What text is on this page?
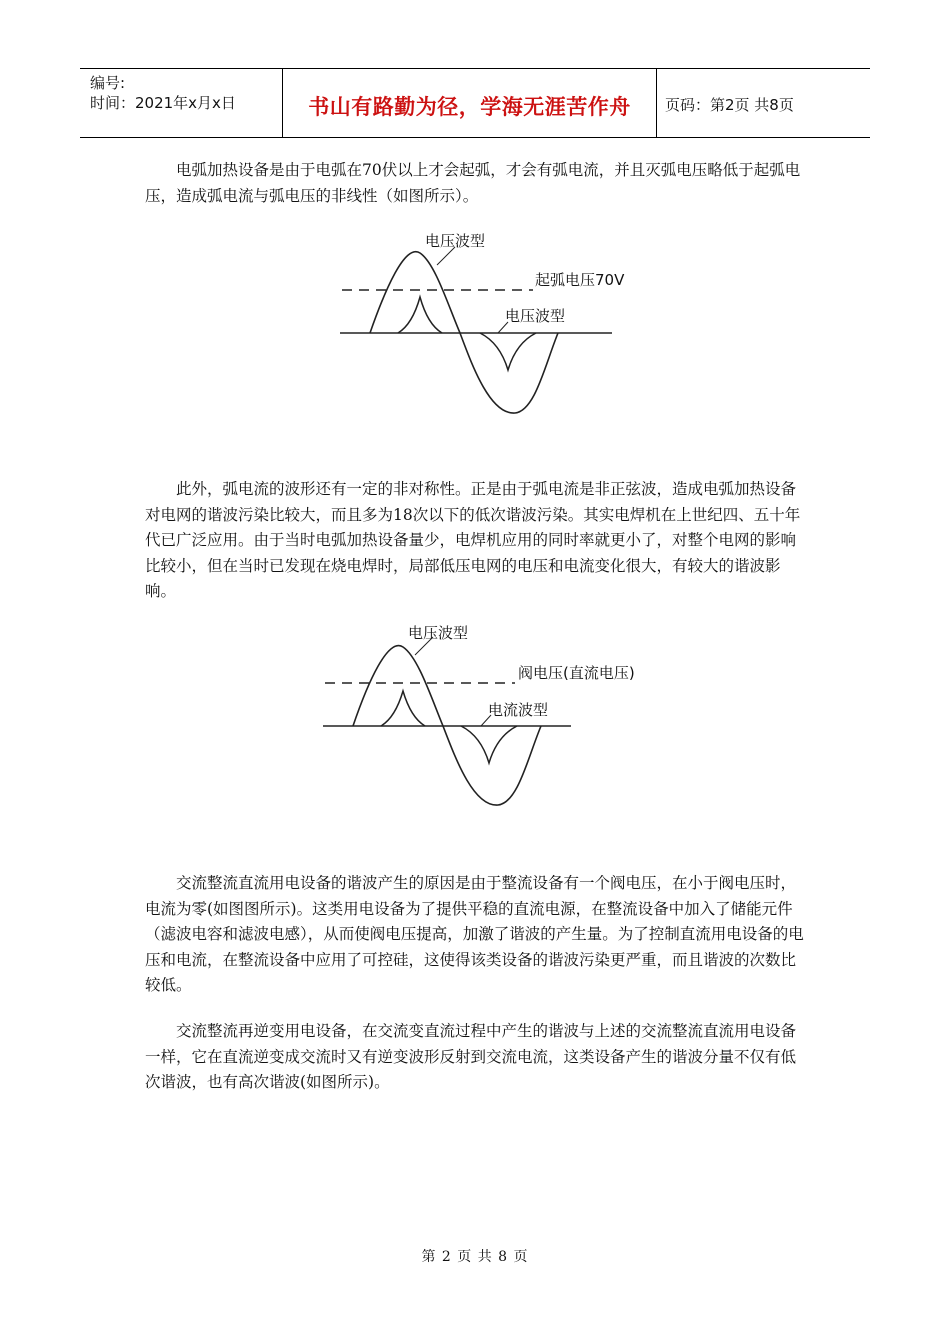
编号:
时间：2021年x月x日	书山有路勤为径，学海无涯苦作舟	页码：第2页 共8页

电弧加热设备是由于电弧在70伏以上才会起弧，才会有弧电流，并且灭弧电压略低于起弧电压，造成弧电流与弧电压的非线性（如图所示）。

电压波型
起弧电压70V
电压波型

此外，弧电流的波形还有一定的非对称性。正是由于弧电流是非正弦波，造成电弧加热设备对电网的谐波污染比较大，而且多为18次以下的低次谐波污染。其实电焊机在上世纪四、五十年代已广泛应用。由于当时电弧加热设备量少，电焊机应用的同时率就更小了，对整个电网的影响比较小，但在当时已发现在烧电焊时，局部低压电网的电压和电流变化很大，有较大的谐波影响。

电压波型
阀电压(直流电压)
电流波型

交流整流直流用电设备的谐波产生的原因是由于整流设备有一个阀电压，在小于阀电压时，电流为零(如图图所示)。这类用电设备为了提供平稳的直流电源，在整流设备中加入了储能元件（滤波电容和滤波电感），从而使阀电压提高，加激了谐波的产生量。为了控制直流用电设备的电压和电流，在整流设备中应用了可控硅，这使得该类设备的谐波污染更严重，而且谐波的次数比较低。

交流整流再逆变用电设备，在交流变直流过程中产生的谐波与上述的交流整流直流用电设备一样，它在直流逆变成交流时又有逆变波形反射到交流电流，这类设备产生的谐波分量不仅有低次谐波，也有高次谐波(如图所示)。

第 2 页 共 8 页
